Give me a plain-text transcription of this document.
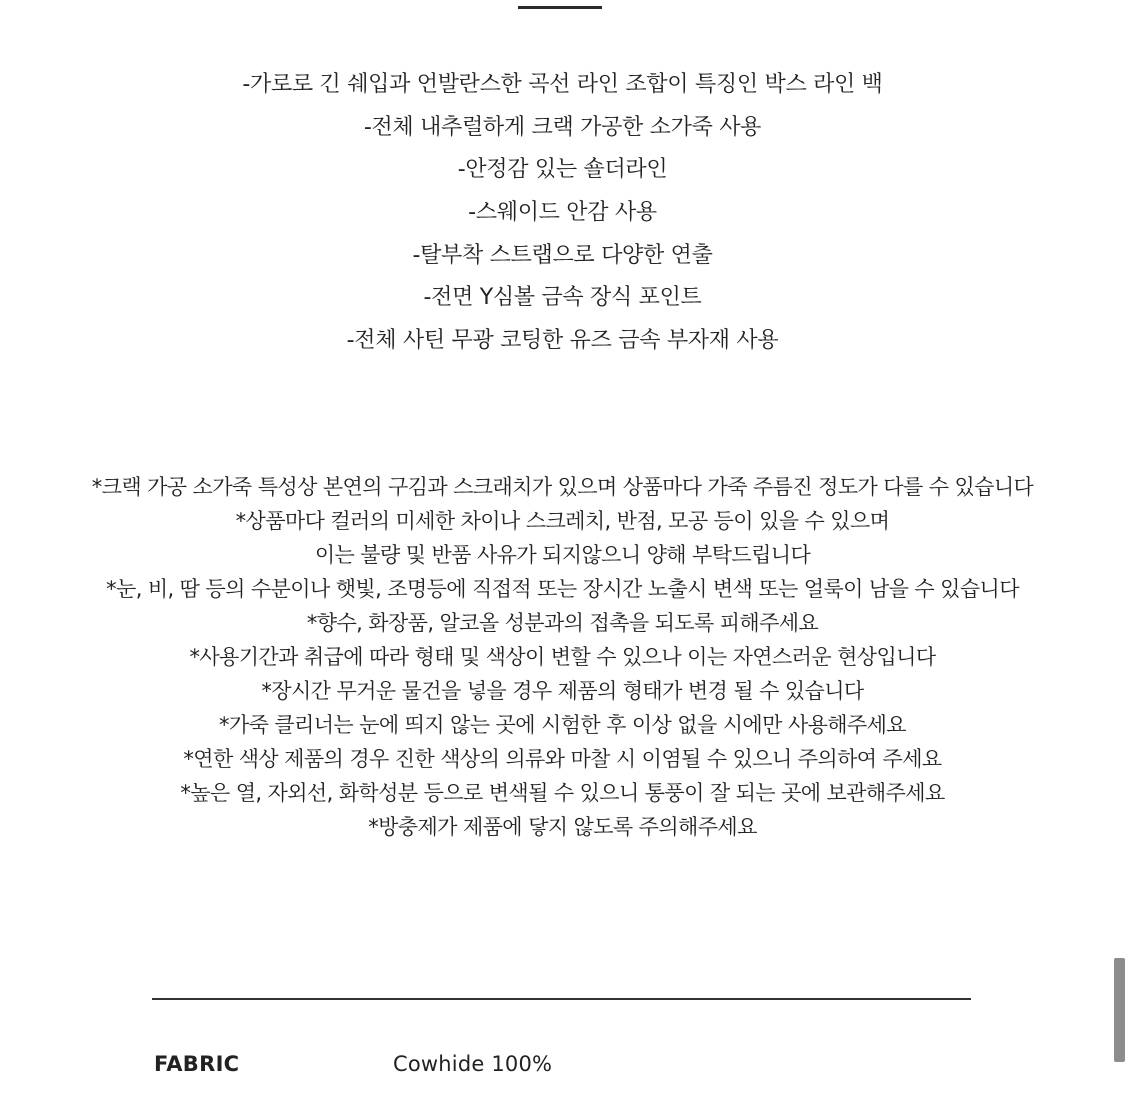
-가로로 긴 쉐입과 언발란스한 곡선 라인 조합이 특징인 박스 라인 백
-전체 내추럴하게 크랙 가공한 소가죽 사용
-안정감 있는 숄더라인
-스웨이드 안감 사용
-탈부착 스트랩으로 다양한 연출
-전면 Y심볼 금속 장식 포인트
-전체 사틴 무광 코팅한 유즈 금속 부자재 사용
*크랙 가공 소가죽 특성상 본연의 구김과 스크래치가 있으며 상품마다 가죽 주름진 정도가 다를 수 있습니다
*상품마다 컬러의 미세한 차이나 스크레치, 반점, 모공 등이 있을 수 있으며
이는 불량 및 반품 사유가 되지않으니 양해 부탁드립니다
*눈, 비, 땀 등의 수분이나 햇빛, 조명등에 직접적 또는 장시간 노출시 변색 또는 얼룩이 남을 수 있습니다
*향수, 화장품, 알코올 성분과의 접촉을 되도록 피해주세요
*사용기간과 취급에 따라 형태 및 색상이 변할 수 있으나 이는 자연스러운 현상입니다
*장시간 무거운 물건을 넣을 경우 제품의 형태가 변경 될 수 있습니다
*가죽 클리너는 눈에 띄지 않는 곳에 시험한 후 이상 없을 시에만 사용해주세요
*연한 색상 제품의 경우 진한 색상의 의류와 마찰 시 이염될 수 있으니 주의하여 주세요
*높은 열, 자외선, 화학성분 등으로 변색될 수 있으니 통풍이 잘 되는 곳에 보관해주세요
*방충제가 제품에 닿지 않도록 주의해주세요
FABRIC	Cowhide 100%
